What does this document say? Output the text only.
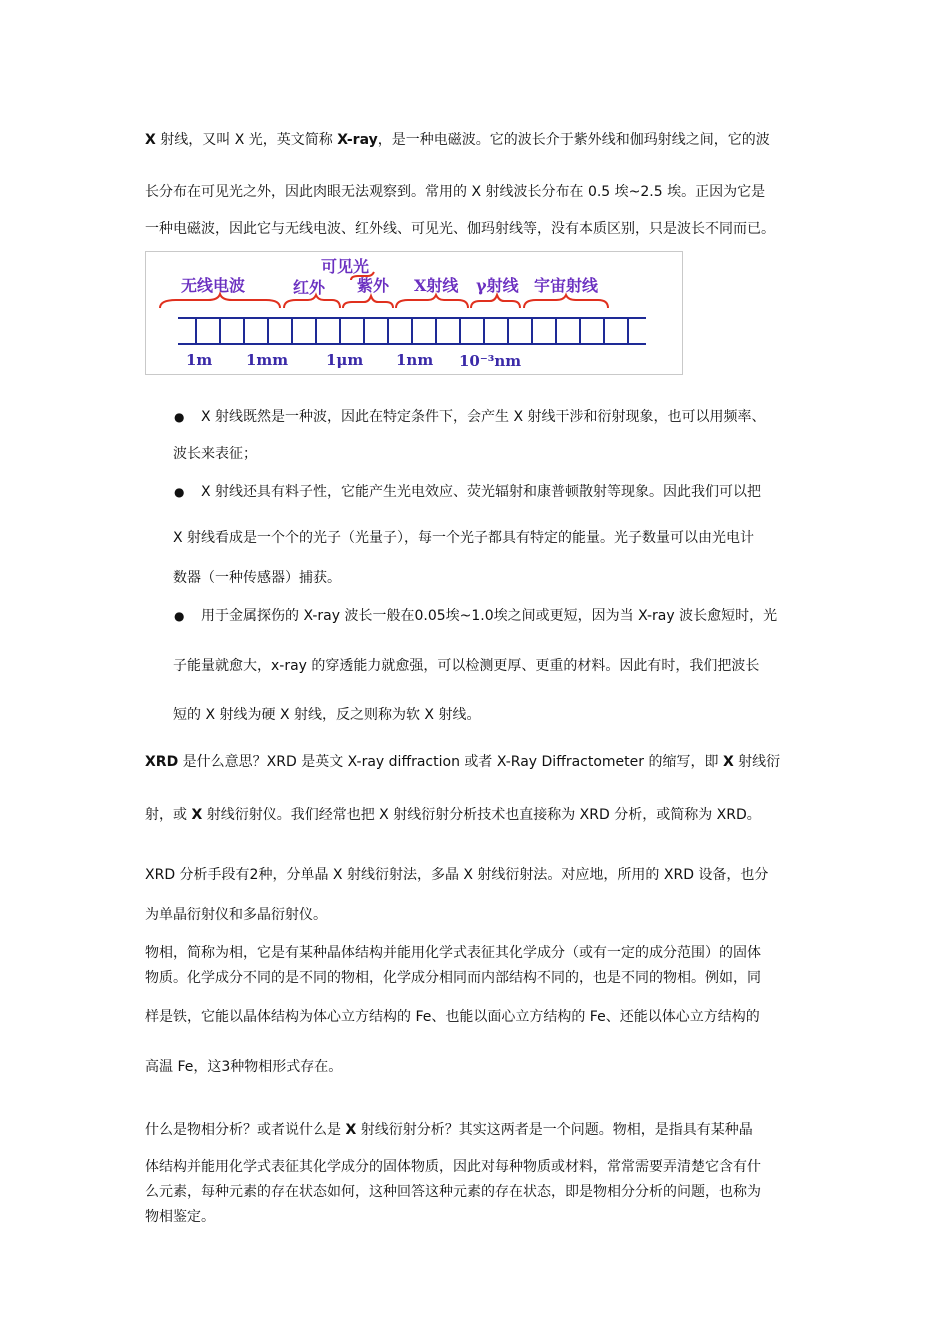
X 射线，又叫 X 光，英文简称 X-ray，是一种电磁波。它的波长介于紫外线和伽玛射线之间，它的波
长分布在可见光之外，因此肉眼无法观察到。常用的 X 射线波长分布在 0.5 埃~2.5 埃。正因为它是
一种电磁波，因此它与无线电波、红外线、可见光、伽玛射线等，没有本质区别，只是波长不同而已。
可见光
无线电波	红外 紫外 X射线 γ射线 宇宙射线
1m 1mm	1μm 1nm 10⁻³nm
● X 射线既然是一种波，因此在特定条件下，会产生 X 射线干涉和衍射现象，也可以用频率、
波长来表征；
● X 射线还具有料子性，它能产生光电效应、荧光辐射和康普顿散射等现象。因此我们可以把
X 射线看成是一个个的光子（光量子），每一个光子都具有特定的能量。光子数量可以由光电计
数器（一种传感器）捕获。
● 用于金属探伤的 X-ray 波长一般在0.05埃~1.0埃之间或更短，因为当 X-ray 波长愈短时，光
子能量就愈大，x-ray 的穿透能力就愈强，可以检测更厚、更重的材料。因此有时，我们把波长
短的 X 射线为硬 X 射线，反之则称为软 X 射线。
XRD 是什么意思？XRD 是英文 X-ray diffraction 或者 X-Ray Diffractometer 的缩写，即 X 射线衍
射，或 X 射线衍射仪。我们经常也把 X 射线衍射分析技术也直接称为 XRD 分析，或简称为 XRD。
XRD 分析手段有2种，分单晶 X 射线衍射法，多晶 X 射线衍射法。对应地，所用的 XRD 设备，也分
为单晶衍射仪和多晶衍射仪。
物相，简称为相，它是有某种晶体结构并能用化学式表征其化学成分（或有一定的成分范围）的固体
物质。化学成分不同的是不同的物相，化学成分相同而内部结构不同的，也是不同的物相。例如，同
样是铁，它能以晶体结构为体心立方结构的 Fe、也能以面心立方结构的 Fe、还能以体心立方结构的
高温 Fe，这3种物相形式存在。
什么是物相分析？或者说什么是 X 射线衍射分析？其实这两者是一个问题。物相，是指具有某种晶
体结构并能用化学式表征其化学成分的固体物质，因此对每种物质或材料，常常需要弄清楚它含有什
么元素，每种元素的存在状态如何，这种回答这种元素的存在状态，即是物相分分析的问题，也称为
物相鉴定。
